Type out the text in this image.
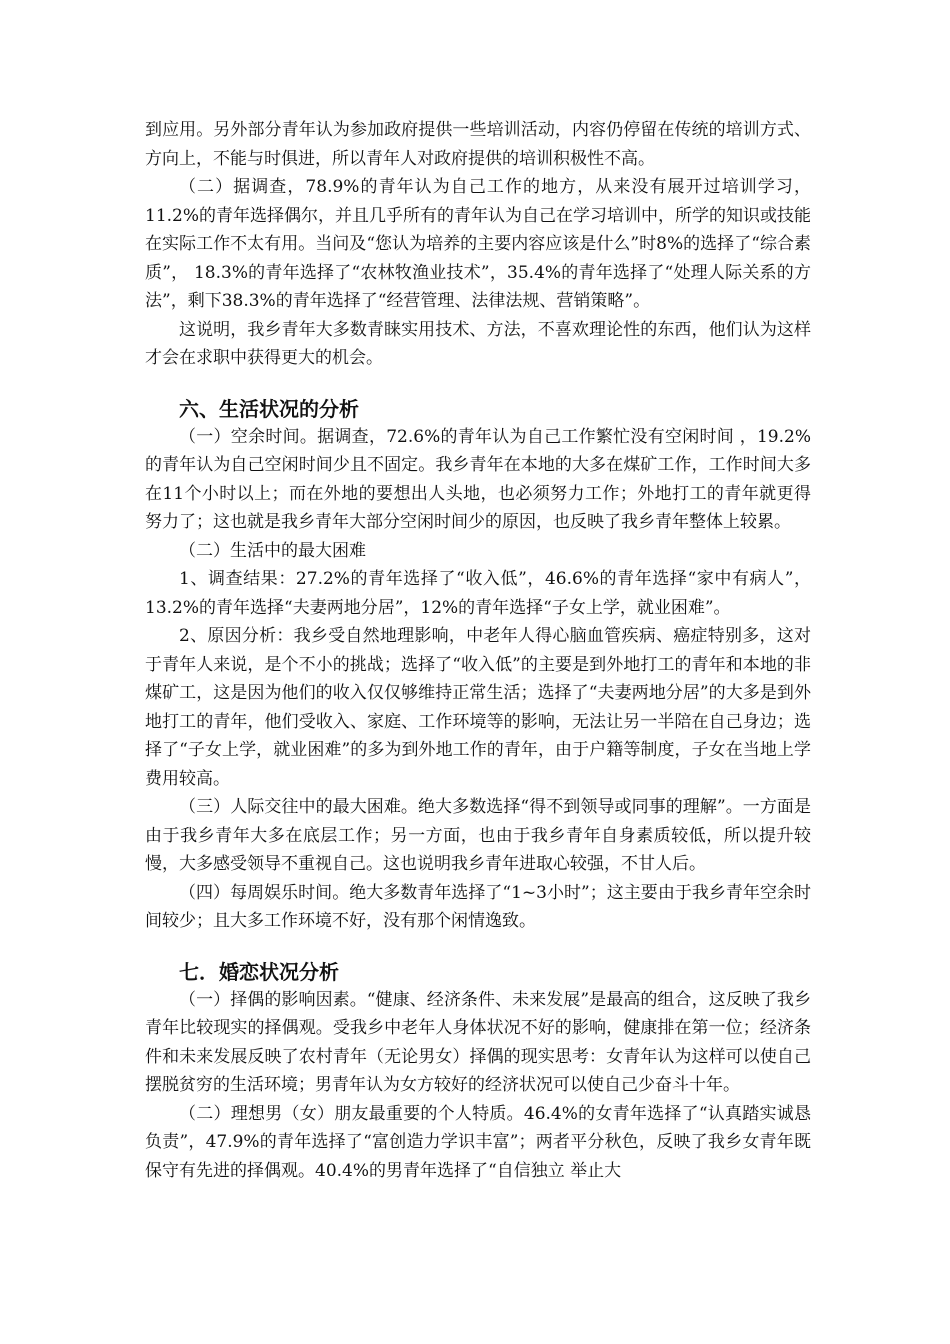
到应用。另外部分青年认为参加政府提供一些培训活动，内容仍停留在传统的培训方式、方向上，不能与时俱进，所以青年人对政府提供的培训积极性不高。

（二）据调查，78.9%的青年认为自己工作的地方，从来没有展开过培训学习，11.2%的青年选择偶尔，并且几乎所有的青年认为自己在学习培训中，所学的知识或技能在实际工作不太有用。当问及“您认为培养的主要内容应该是什么”时8%的选择了“综合素质”， 18.3%的青年选择了“农林牧渔业技术”，35.4%的青年选择了“处理人际关系的方法”，剩下38.3%的青年选择了“经营管理、法律法规、营销策略”。

这说明，我乡青年大多数青睐实用技术、方法，不喜欢理论性的东西，他们认为这样才会在求职中获得更大的机会。

六、生活状况的分析

（一）空余时间。据调查，72.6%的青年认为自己工作繁忙没有空闲时间 ，19.2%的青年认为自己空闲时间少且不固定。我乡青年在本地的大多在煤矿工作，工作时间大多在11个小时以上；而在外地的要想出人头地，也必须努力工作；外地打工的青年就更得努力了；这也就是我乡青年大部分空闲时间少的原因，也反映了我乡青年整体上较累。

（二）生活中的最大困难

1、调查结果：27.2%的青年选择了“收入低”，46.6%的青年选择“家中有病人”，13.2%的青年选择“夫妻两地分居”，12%的青年选择“子女上学，就业困难”。

2、原因分析：我乡受自然地理影响，中老年人得心脑血管疾病、癌症特别多，这对于青年人来说，是个不小的挑战；选择了“收入低”的主要是到外地打工的青年和本地的非煤矿工，这是因为他们的收入仅仅够维持正常生活；选择了“夫妻两地分居”的大多是到外地打工的青年，他们受收入、家庭、工作环境等的影响，无法让另一半陪在自己身边；选择了“子女上学，就业困难”的多为到外地工作的青年，由于户籍等制度，子女在当地上学费用较高。

（三）人际交往中的最大困难。绝大多数选择“得不到领导或同事的理解”。一方面是由于我乡青年大多在底层工作；另一方面，也由于我乡青年自身素质较低，所以提升较慢，大多感受领导不重视自己。这也说明我乡青年进取心较强，不甘人后。

（四）每周娱乐时间。绝大多数青年选择了“1~3小时”；这主要由于我乡青年空余时间较少；且大多工作环境不好，没有那个闲情逸致。

七．婚恋状况分析

（一）择偶的影响因素。“健康、经济条件、未来发展”是最高的组合，这反映了我乡青年比较现实的择偶观。受我乡中老年人身体状况不好的影响，健康排在第一位；经济条件和未来发展反映了农村青年（无论男女）择偶的现实思考：女青年认为这样可以使自己摆脱贫穷的生活环境；男青年认为女方较好的经济状况可以使自己少奋斗十年。

（二）理想男（女）朋友最重要的个人特质。46.4%的女青年选择了“认真踏实诚恳负责”，47.9%的青年选择了“富创造力学识丰富”；两者平分秋色，反映了我乡女青年既保守有先进的择偶观。40.4%的男青年选择了“自信独立 举止大
